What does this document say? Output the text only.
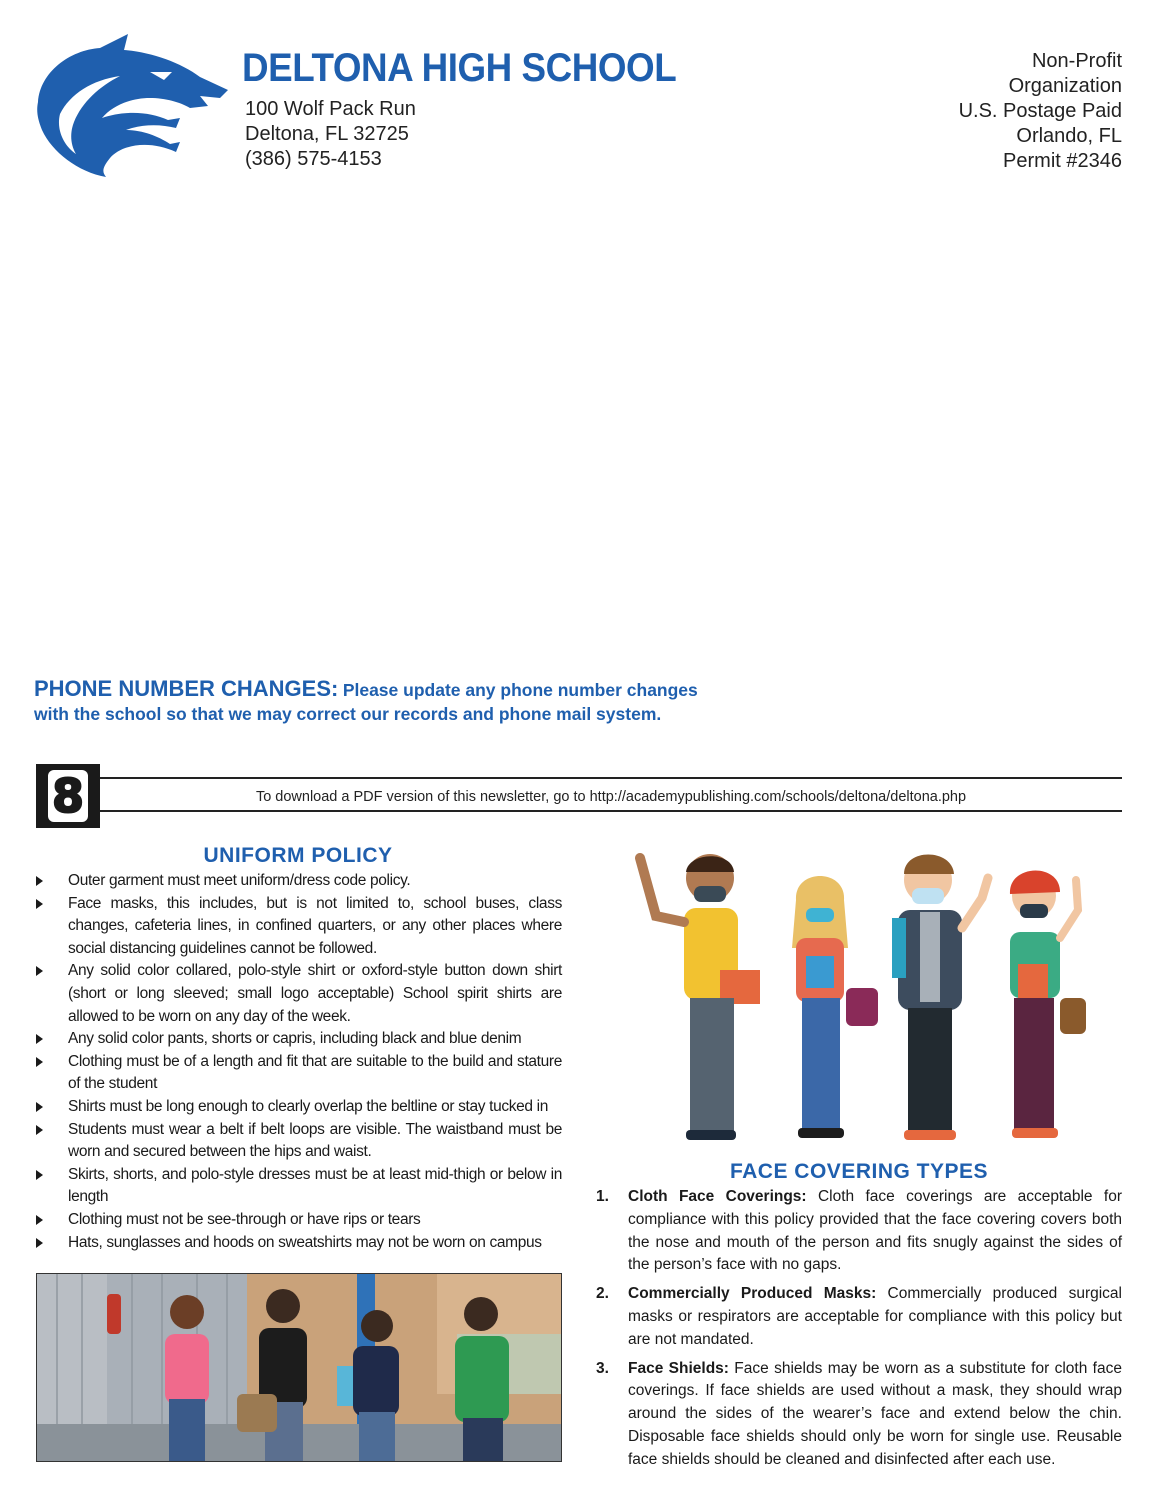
DELTONA HIGH SCHOOL
100 Wolf Pack Run
Deltona, FL 32725
(386) 575-4153
Non-Profit
Organization
U.S. Postage Paid
Orlando, FL
Permit #2346
PHONE NUMBER CHANGES: Please update any phone number changes
with the school so that we may correct our records and phone mail system.
8	To download a PDF version of this newsletter, go to http://academypublishing.com/schools/deltona/deltona.php
UNIFORM POLICY
Outer garment must meet uniform/dress code policy.
Face masks, this includes, but is not limited to, school buses, class changes, cafeteria lines, in confined quarters, or any other places where social distancing guidelines cannot be followed.
Any solid color collared, polo-style shirt or oxford-style button down shirt (short or long sleeved; small logo acceptable) School spirit shirts are allowed to be worn on any day of the week.
Any solid color pants, shorts or capris, including black and blue denim
Clothing must be of a length and fit that are suitable to the build and stature of the student
Shirts must be long enough to clearly overlap the beltline or stay tucked in
Students must wear a belt if belt loops are visible. The waistband must be worn and secured between the hips and waist.
Skirts, shorts, and polo-style dresses must be at least mid-thigh or below in length
Clothing must not be see-through or have rips or tears
Hats, sunglasses and hoods on sweatshirts may not be worn on campus
FACE COVERING TYPES
1. Cloth Face Coverings: Cloth face coverings are acceptable for compliance with this policy provided that the face covering covers both the nose and mouth of the person and fits snugly against the sides of the person’s face with no gaps.
2. Commercially Produced Masks: Commercially produced surgical masks or respirators are acceptable for compliance with this policy but are not mandated.
3. Face Shields: Face shields may be worn as a substitute for cloth face coverings. If face shields are used without a mask, they should wrap around the sides of the wearer’s face and extend below the chin. Disposable face shields should only be worn for single use. Reusable face shields should be cleaned and disinfected after each use.
